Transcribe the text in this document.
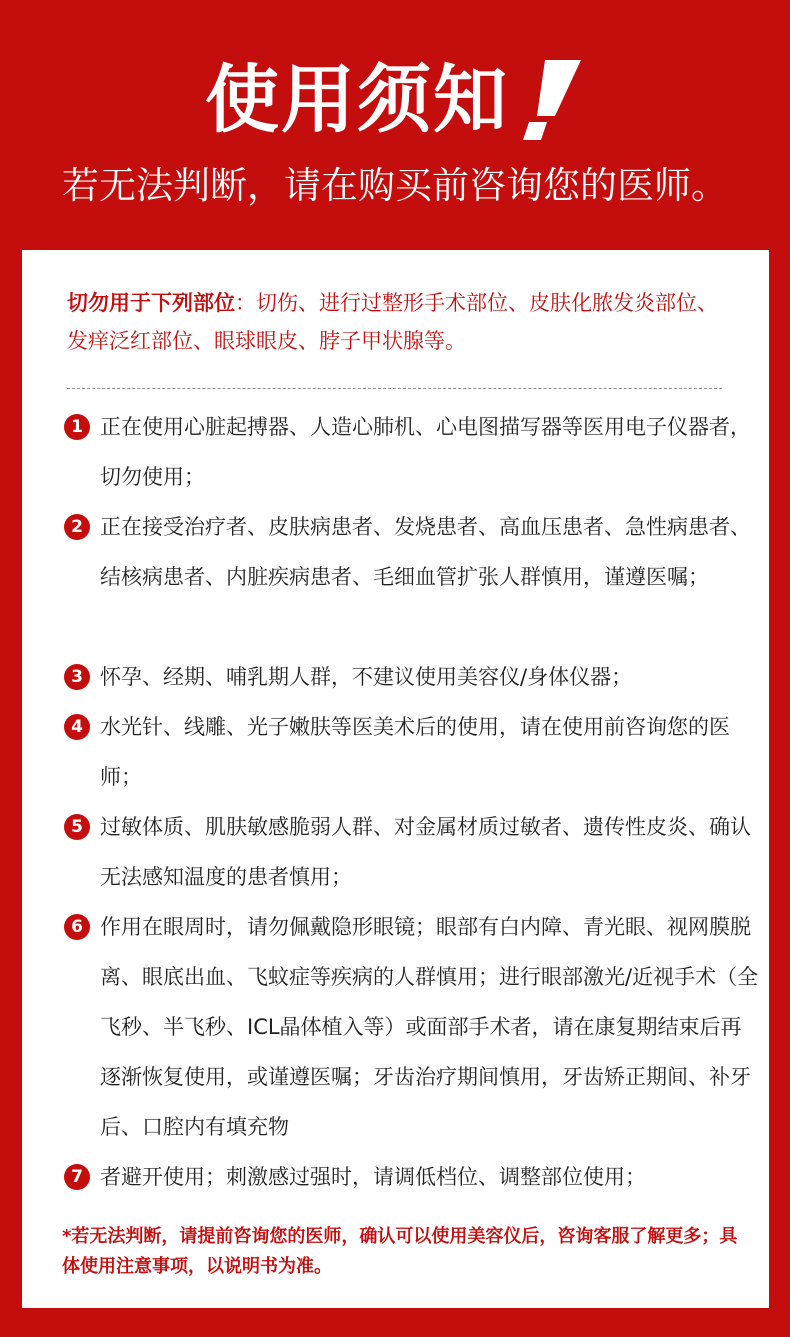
使用须知
若无法判断，请在购买前咨询您的医师。
切勿用于下列部位：切伤、进行过整形手术部位、皮肤化脓发炎部位、发痒泛红部位、眼球眼皮、脖子甲状腺等。
1 正在使用心脏起搏器、人造心肺机、心电图描写器等医用电子仪器者，切勿使用；
2 正在接受治疗者、皮肤病患者、发烧患者、高血压患者、急性病患者、结核病患者、内脏疾病患者、毛细血管扩张人群慎用，谨遵医嘱；
3 怀孕、经期、哺乳期人群，不建议使用美容仪/身体仪器；
4 水光针、线雕、光子嫩肤等医美术后的使用，请在使用前咨询您的医师；
5 过敏体质、肌肤敏感脆弱人群、对金属材质过敏者、遗传性皮炎、确认无法感知温度的患者慎用；
6 作用在眼周时，请勿佩戴隐形眼镜；眼部有白内障、青光眼、视网膜脱离、眼底出血、飞蚊症等疾病的人群慎用；进行眼部激光/近视手术（全飞秒、半飞秒、ICL晶体植入等）或面部手术者，请在康复期结束后再逐渐恢复使用，或谨遵医嘱；牙齿治疗期间慎用，牙齿矫正期间、补牙后、口腔内有填充物
7 者避开使用；刺激感过强时，请调低档位、调整部位使用；
*若无法判断，请提前咨询您的医师，确认可以使用美容仪后，咨询客服了解更多；具体使用注意事项，以说明书为准。
